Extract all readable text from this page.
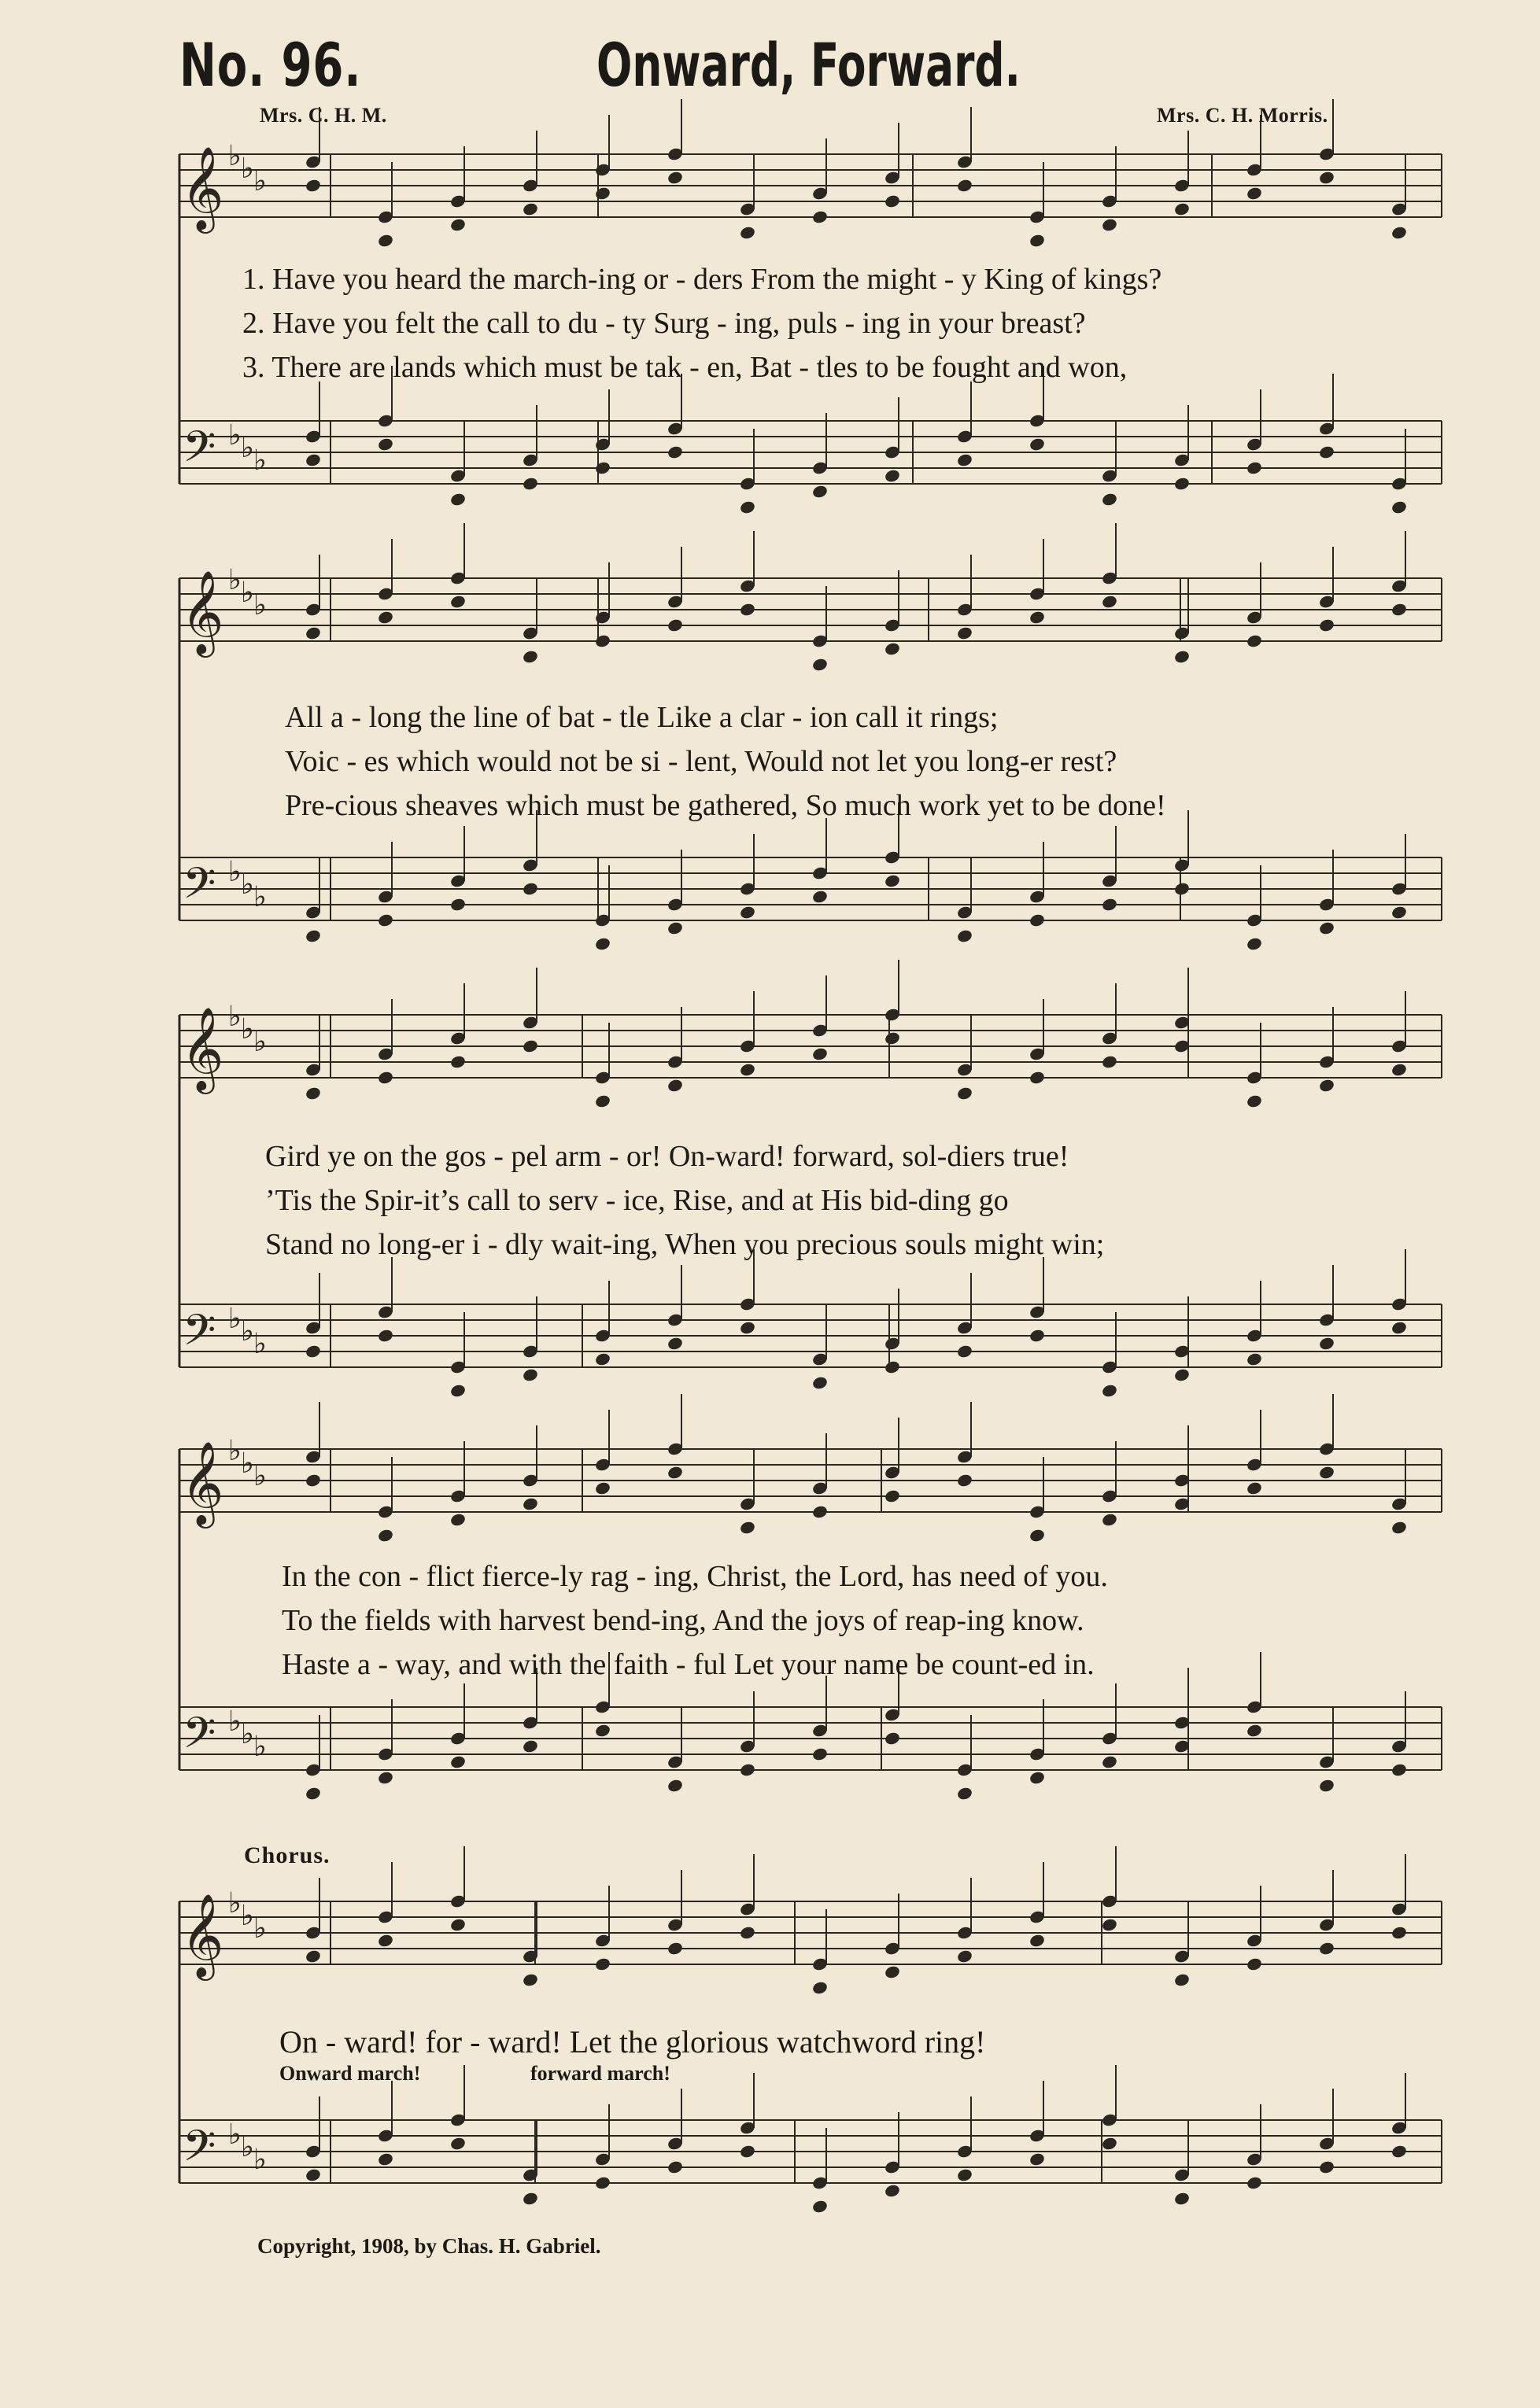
No. 96.	Onward, Forward.
Mrs. C. H. M.	Mrs. C. H. Morris.
𝄞
𝄢
♭ ♭ ♭
♭ ♭ ♭
𝄞
𝄢
♭ ♭ ♭
♭ ♭ ♭
𝄞
𝄢
♭ ♭ ♭
♭ ♭ ♭
𝄞
𝄢
♭ ♭ ♭
♭ ♭ ♭
𝄞
𝄢
♭ ♭ ♭
♭ ♭ ♭
1. Have you heard the march-ing or - ders From the might - y King of kings?
2. Have you felt the call to du - ty Surg - ing, puls - ing in your breast?
3. There are lands which must be tak - en, Bat - tles to be fought and won,
All a - long the line of bat - tle Like a clar - ion call it rings;
Voic - es which would not be si - lent, Would not let you long-er rest?
Pre-cious sheaves which must be gathered, So much work yet to be done!
Gird ye on the gos - pel arm - or! On-ward! forward, sol-diers true!
’Tis the Spir-it’s call to serv - ice, Rise, and at His bid-ding go
Stand no long-er i - dly wait-ing, When you precious souls might win;
In the con - flict fierce-ly rag - ing, Christ, the Lord, has need of you.
To the fields with harvest bend-ing, And the joys of reap-ing know.
Haste a - way, and with the faith - ful Let your name be count-ed in.
Chorus.
On - ward! for - ward! Let the glorious watchword ring!
Onward march!	forward march!
Copyright, 1908, by Chas. H. Gabriel.
